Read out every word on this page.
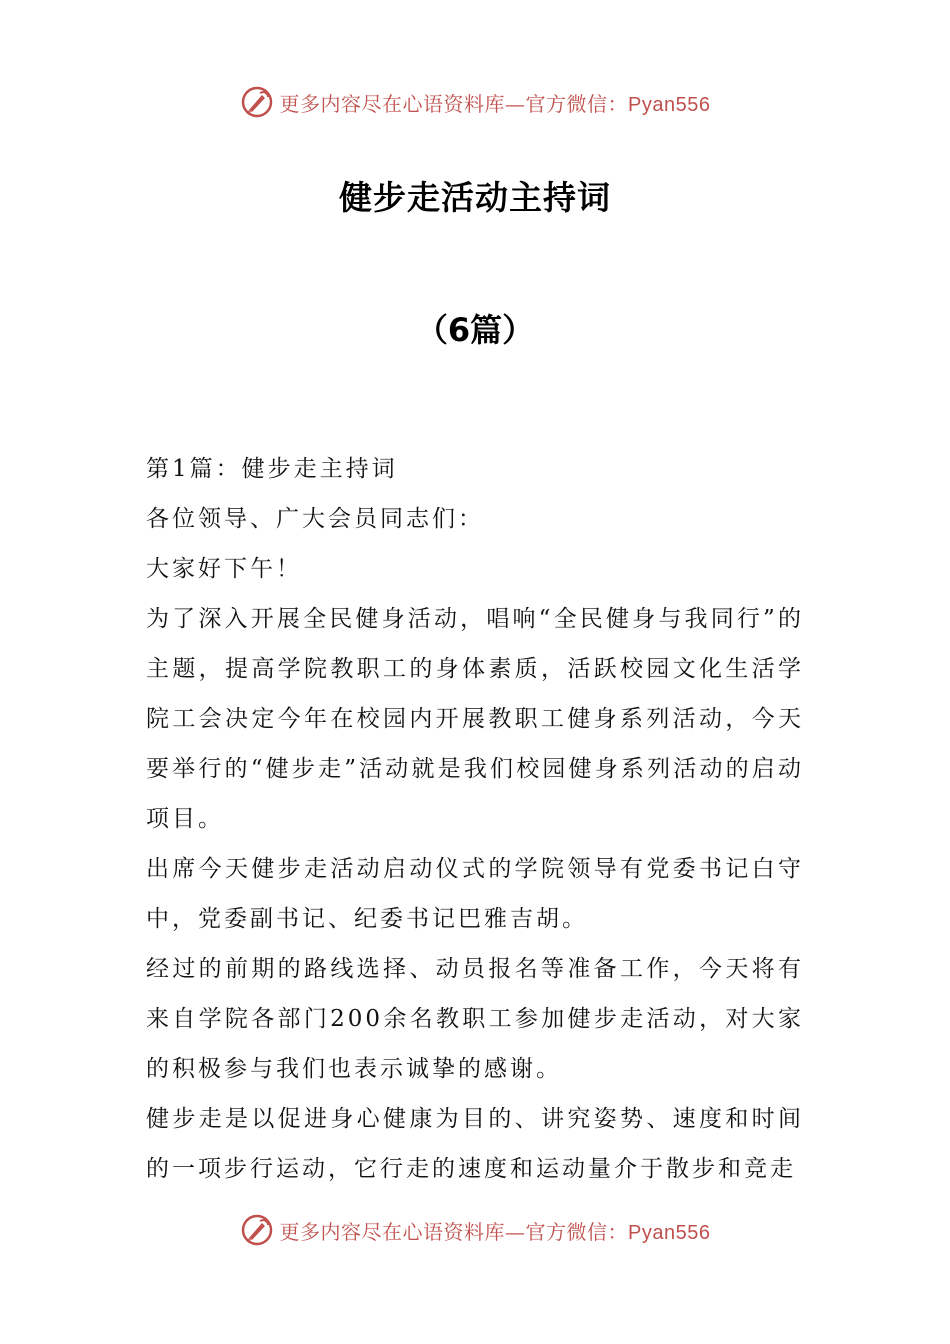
更多内容尽在心语资料库—官方微信：Pyan556
健步走活动主持词
（6篇）

第1篇：健步走主持词

各位领导、广大会员同志们：

大家好下午！

为了深入开展全民健身活动，唱响“全民健身与我同行”的主题，提高学院教职工的身体素质，活跃校园文化生活学院工会决定今年在校园内开展教职工健身系列活动，今天要举行的“健步走”活动就是我们校园健身系列活动的启动项目。

出席今天健步走活动启动仪式的学院领导有党委书记白守中，党委副书记、纪委书记巴雅吉胡。

经过的前期的路线选择、动员报名等准备工作，今天将有来自学院各部门200余名教职工参加健步走活动，对大家的积极参与我们也表示诚挚的感谢。

健步走是以促进身心健康为目的、讲究姿势、速度和时间的一项步行运动，它行走的速度和运动量介于散步和竞走

更多内容尽在心语资料库—官方微信：Pyan556
